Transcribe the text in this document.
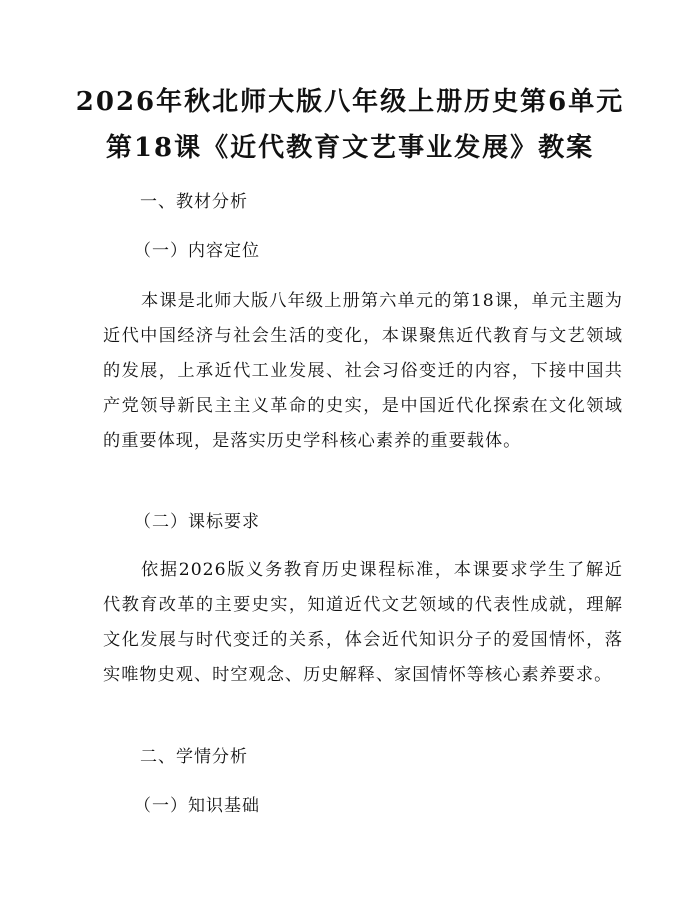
2026年秋北师大版八年级上册历史第6单元
第18课《近代教育文艺事业发展》教案
一、教材分析
（一）内容定位

本课是北师大版八年级上册第六单元的第18课，单元主题为近代中国经济与社会生活的变化，本课聚焦近代教育与文艺领域的发展，上承近代工业发展、社会习俗变迁的内容，下接中国共产党领导新民主主义革命的史实，是中国近代化探索在文化领域的重要体现，是落实历史学科核心素养的重要载体。

（二）课标要求

依据2026版义务教育历史课程标准，本课要求学生了解近代教育改革的主要史实，知道近代文艺领域的代表性成就，理解文化发展与时代变迁的关系，体会近代知识分子的爱国情怀，落实唯物史观、时空观念、历史解释、家国情怀等核心素养要求。

二、学情分析
（一）知识基础
